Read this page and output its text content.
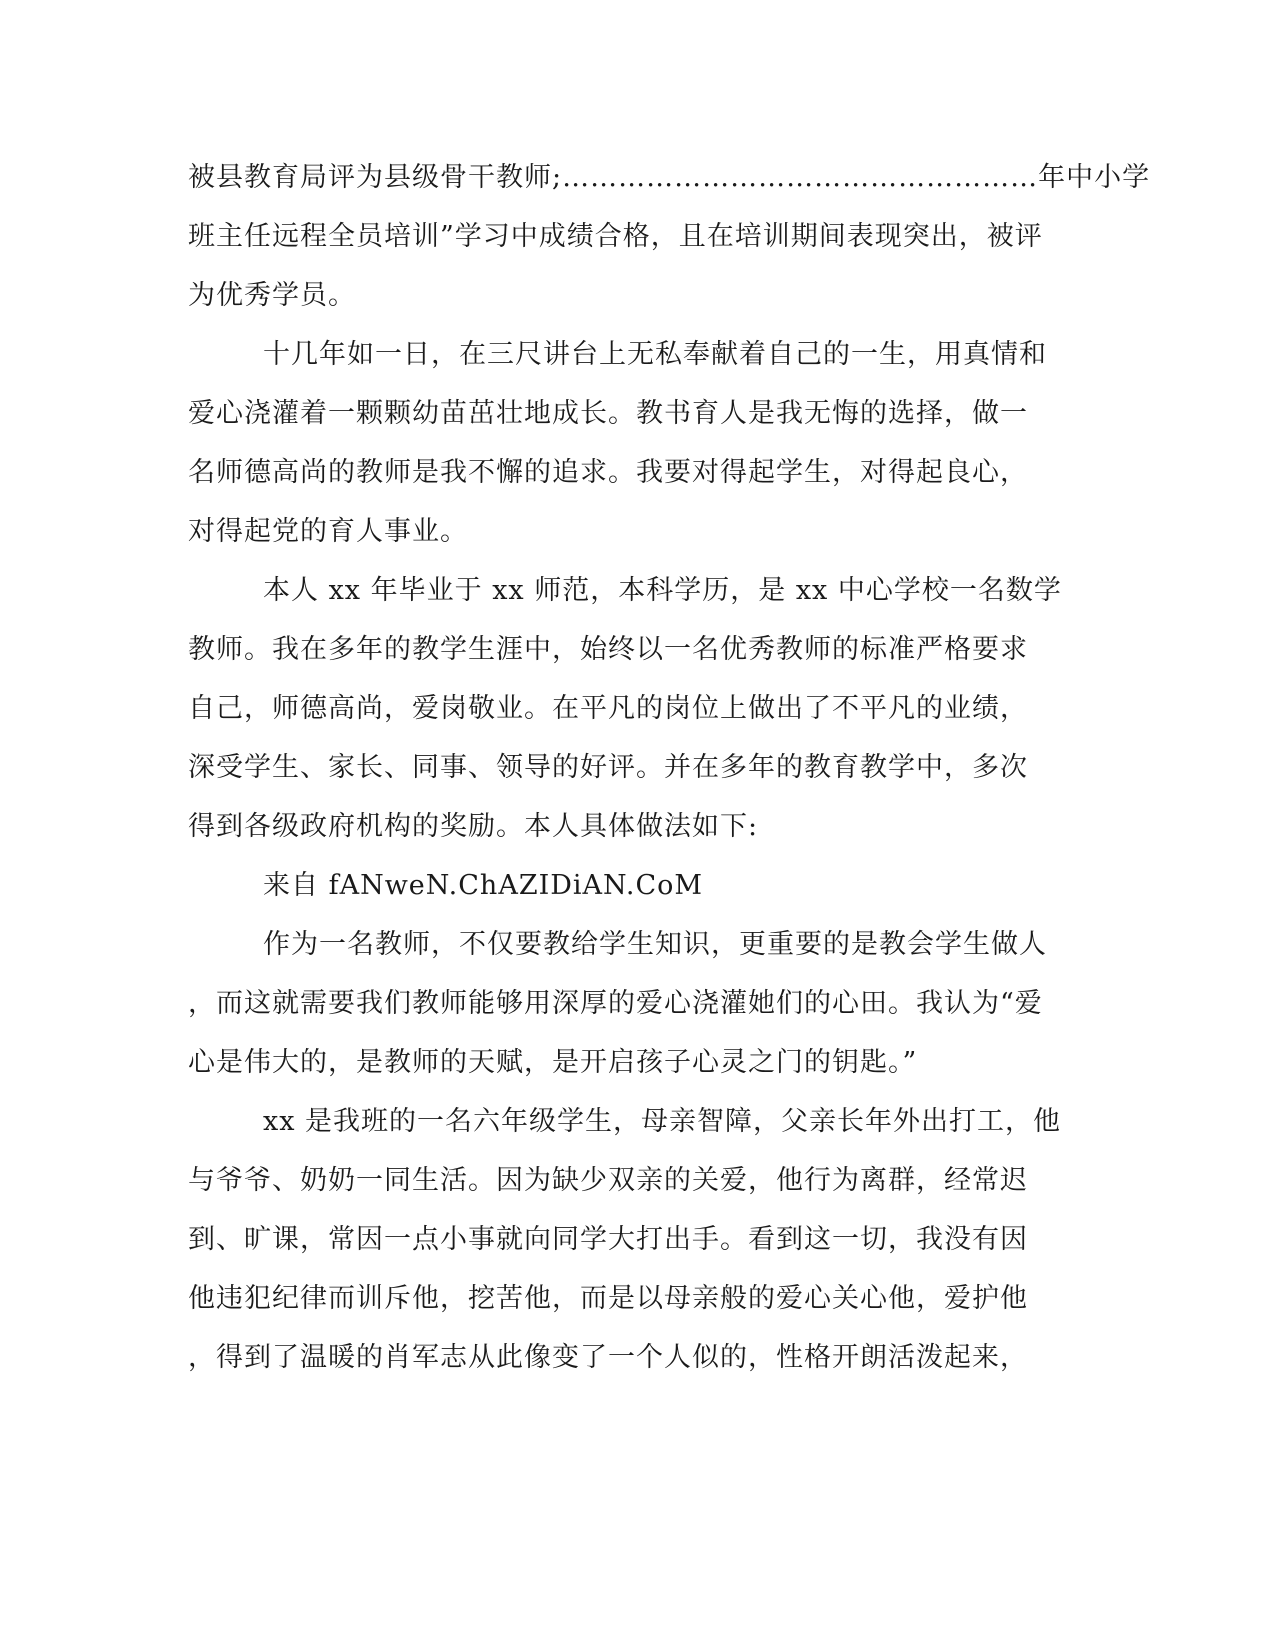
被县教育局评为县级骨干教师;……………………………………………年中小学
班主任远程全员培训”学习中成绩合格，且在培训期间表现突出，被评
为优秀学员。
十几年如一日，在三尺讲台上无私奉献着自己的一生，用真情和
爱心浇灌着一颗颗幼苗茁壮地成长。教书育人是我无悔的选择，做一
名师德高尚的教师是我不懈的追求。我要对得起学生，对得起良心，
对得起党的育人事业。
本人 xx 年毕业于 xx 师范，本科学历，是 xx 中心学校一名数学
教师。我在多年的教学生涯中，始终以一名优秀教师的标准严格要求
自己，师德高尚，爱岗敬业。在平凡的岗位上做出了不平凡的业绩，
深受学生、家长、同事、领导的好评。并在多年的教育教学中，多次
得到各级政府机构的奖励。本人具体做法如下:
来自 fANweN.ChAZIDiAN.CoM
作为一名教师，不仅要教给学生知识，更重要的是教会学生做人
，而这就需要我们教师能够用深厚的爱心浇灌她们的心田。我认为“爱
心是伟大的，是教师的天赋，是开启孩子心灵之门的钥匙。”
xx 是我班的一名六年级学生，母亲智障，父亲长年外出打工，他
与爷爷、奶奶一同生活。因为缺少双亲的关爱，他行为离群，经常迟
到、旷课，常因一点小事就向同学大打出手。看到这一切，我没有因
他违犯纪律而训斥他，挖苦他，而是以母亲般的爱心关心他，爱护他
，得到了温暖的肖军志从此像变了一个人似的，性格开朗活泼起来，
